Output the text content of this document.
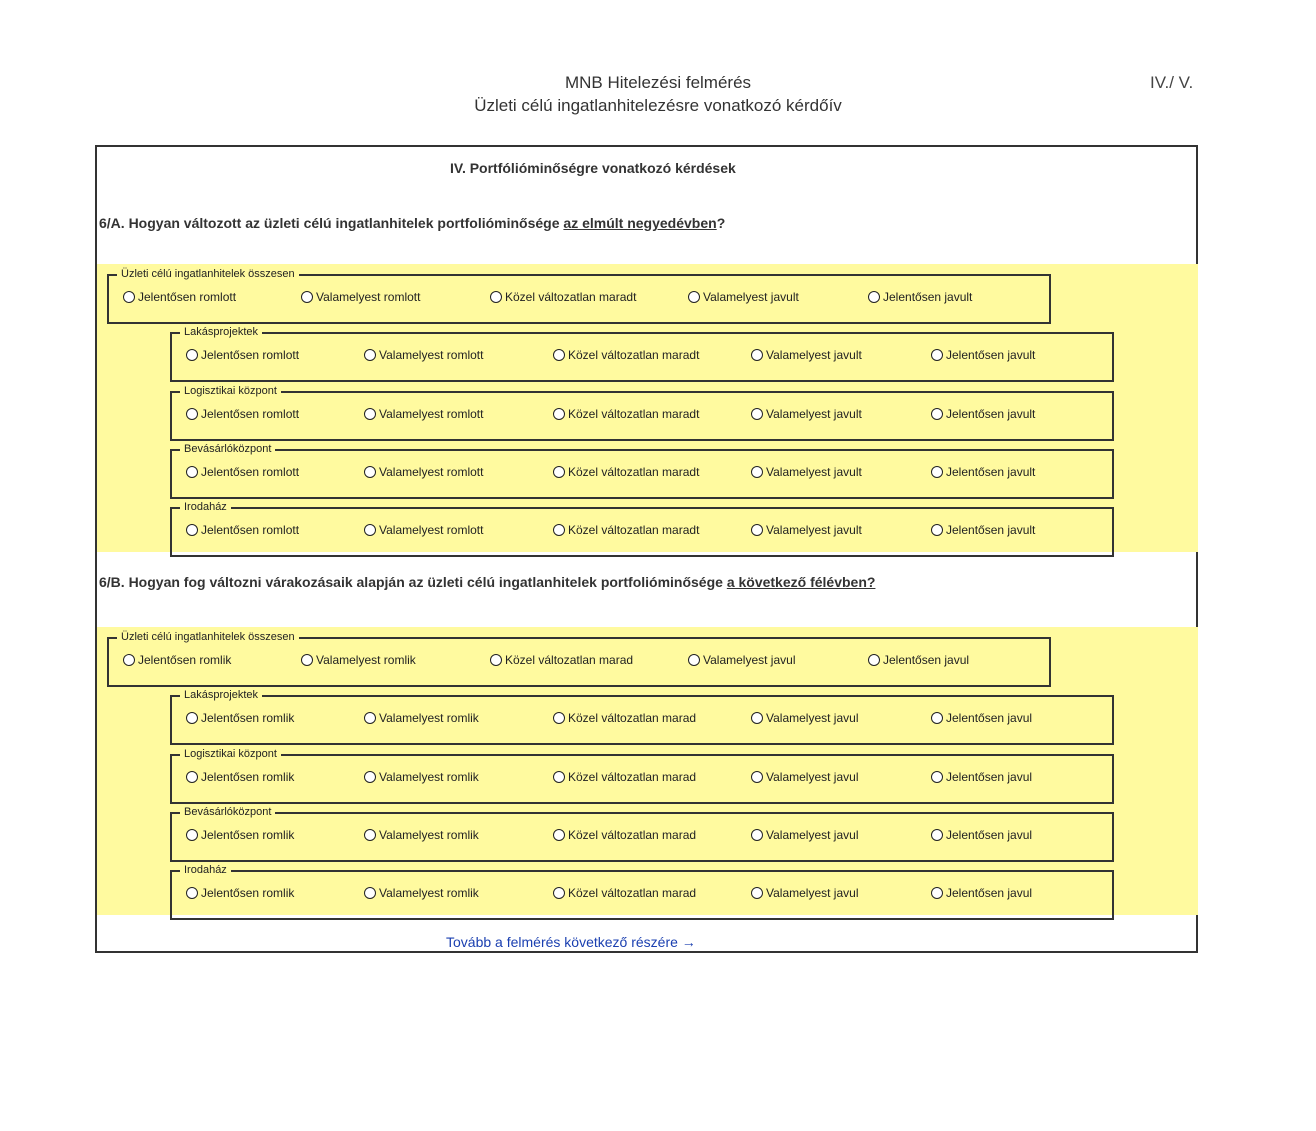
MNB Hitelezési felmérés
Üzleti célú ingatlanhitelezésre vonatkozó kérdőív
IV./ V.
IV. Portfólióminőségre vonatkozó kérdések
6/A. Hogyan változott az üzleti célú ingatlanhitelek portfolióminősége az elmúlt negyedévben?
Üzleti célú ingatlanhitelek összesen
Jelentősen romlott	Valamelyest romlott	Közel változatlan maradt	Valamelyest javult	Jelentősen javult
Lakásprojektek
Jelentősen romlott	Valamelyest romlott	Közel változatlan maradt	Valamelyest javult	Jelentősen javult
Logisztikai központ
Jelentősen romlott	Valamelyest romlott	Közel változatlan maradt	Valamelyest javult	Jelentősen javult
Bevásárlóközpont
Jelentősen romlott	Valamelyest romlott	Közel változatlan maradt	Valamelyest javult	Jelentősen javult
Irodaház
Jelentősen romlott	Valamelyest romlott	Közel változatlan maradt	Valamelyest javult	Jelentősen javult
6/B. Hogyan fog változni várakozásaik alapján az üzleti célú ingatlanhitelek portfolióminősége a következő félévben?
Üzleti célú ingatlanhitelek összesen
Jelentősen romlik	Valamelyest romlik	Közel változatlan marad	Valamelyest javul	Jelentősen javul
Lakásprojektek
Jelentősen romlik	Valamelyest romlik	Közel változatlan marad	Valamelyest javul	Jelentősen javul
Logisztikai központ
Jelentősen romlik	Valamelyest romlik	Közel változatlan marad	Valamelyest javul	Jelentősen javul
Bevásárlóközpont
Jelentősen romlik	Valamelyest romlik	Közel változatlan marad	Valamelyest javul	Jelentősen javul
Irodaház
Jelentősen romlik	Valamelyest romlik	Közel változatlan marad	Valamelyest javul	Jelentősen javul
Tovább a felmérés következő részére →
